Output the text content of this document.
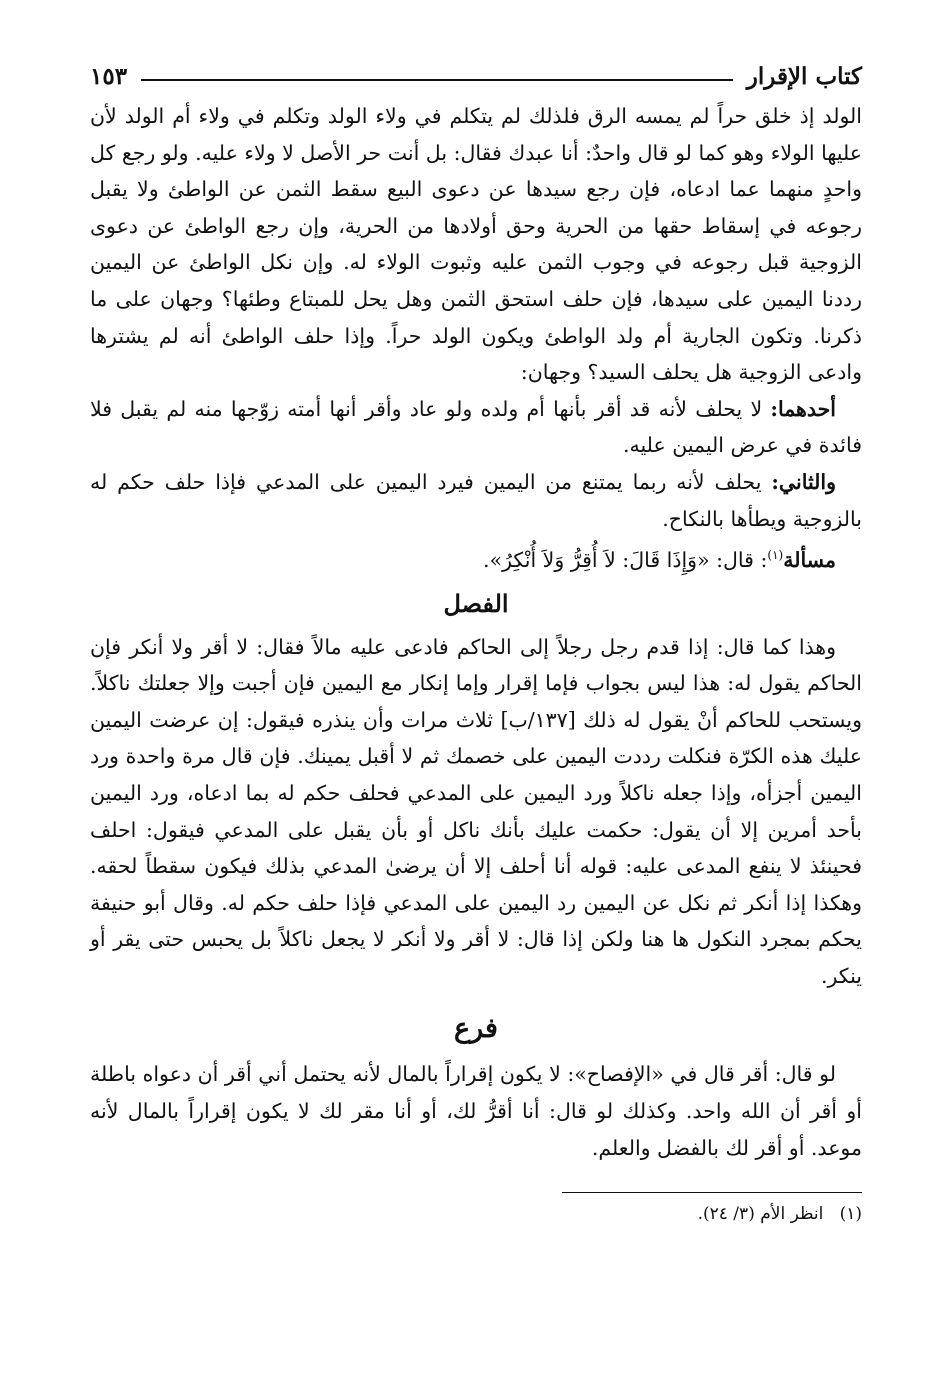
كتاب الإقرار
١٥٣

الولد إذ خلق حراً لم يمسه الرق فلذلك لم يتكلم في ولاء الولد وتكلم في ولاء أم الولد لأن عليها الولاء وهو كما لو قال واحدٌ: أنا عبدك فقال: بل أنت حر الأصل لا ولاء عليه. ولو رجع كل واحدٍ منهما عما ادعاه، فإن رجع سيدها عن دعوى البيع سقط الثمن عن الواطئ ولا يقبل رجوعه في إسقاط حقها من الحرية وحق أولادها من الحرية، وإن رجع الواطئ عن دعوى الزوجية قبل رجوعه في وجوب الثمن عليه وثبوت الولاء له. وإن نكل الواطئ عن اليمين رددنا اليمين على سيدها، فإن حلف استحق الثمن وهل يحل للمبتاع وطئها؟ وجهان على ما ذكرنا. وتكون الجارية أم ولد الواطئ ويكون الولد حراً. وإذا حلف الواطئ أنه لم يشترها وادعى الزوجية هل يحلف السيد؟ وجهان:

أحدهما: لا يحلف لأنه قد أقر بأنها أم ولده ولو عاد وأقر أنها أمته زوّجها منه لم يقبل فلا فائدة في عرض اليمين عليه.

والثاني: يحلف لأنه ربما يمتنع من اليمين فيرد اليمين على المدعي فإذا حلف حكم له بالزوجية ويطأها بالنكاح.

مسألة$^{(١)}$: قال: «وَإِذَا قَالَ: لاَ أُقِرُّ وَلاَ أُنْكِرُ».

الفصل

وهذا كما قال: إذا قدم رجل رجلاً إلى الحاكم فادعى عليه مالاً فقال: لا أقر ولا أنكر فإن الحاكم يقول له: هذا ليس بجواب فإما إقرار وإما إنكار مع اليمين فإن أجبت وإلا جعلتك ناكلاً. ويستحب للحاكم أنْ يقول له ذلك [١٣٧/ب] ثلاث مرات وأن ينذره فيقول: إن عرضت اليمين عليك هذه الكرّة فنكلت رددت اليمين على خصمك ثم لا أقبل يمينك. فإن قال مرة واحدة ورد اليمين أجزأه، وإذا جعله ناكلاً ورد اليمين على المدعي فحلف حكم له بما ادعاه، ورد اليمين بأحد أمرين إلا أن يقول: حكمت عليك بأنك ناكل أو بأن يقبل على المدعي فيقول: احلف فحينئذ لا ينفع المدعى عليه: قوله أنا أحلف إلا أن يرضىٰ المدعي بذلك فيكون سقطاً لحقه. وهكذا إذا أنكر ثم نكل عن اليمين رد اليمين على المدعي فإذا حلف حكم له. وقال أبو حنيفة يحكم بمجرد النكول ها هنا ولكن إذا قال: لا أقر ولا أنكر لا يجعل ناكلاً بل يحبس حتى يقر أو ينكر.

فرع

لو قال: أقر قال في «الإفصاح»: لا يكون إقراراً بالمال لأنه يحتمل أني أقر أن دعواه باطلة أو أقر أن الله واحد. وكذلك لو قال: أنا أقرُّ لك، أو أنا مقر لك لا يكون إقراراً بالمال لأنه موعد. أو أقر لك بالفضل والعلم.

(١)   انظر الأم (٣/ ٢٤).
